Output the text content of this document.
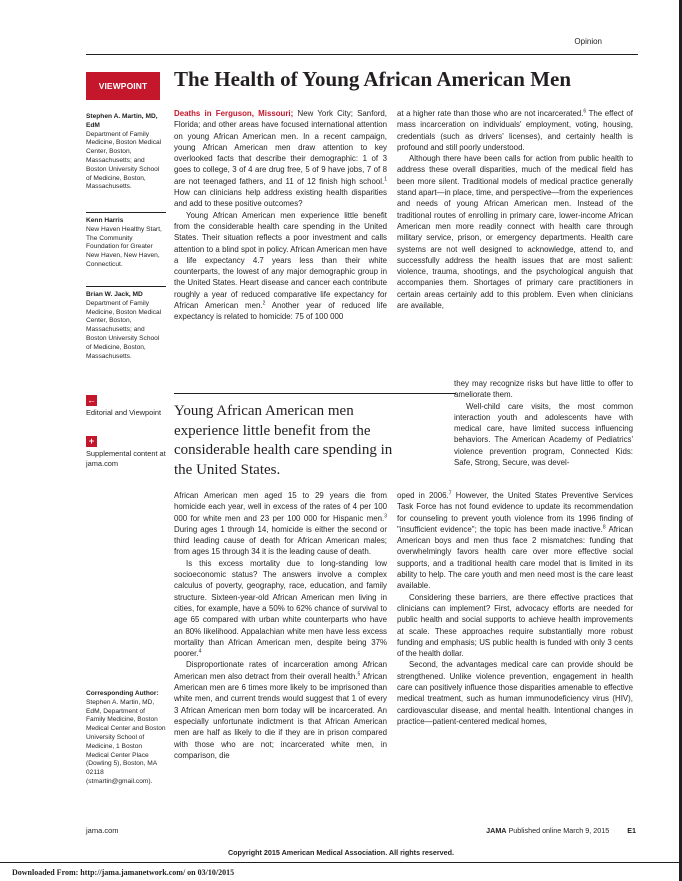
Opinion
VIEWPOINT	The Health of Young African American Men
Stephen A. Martin, MD, EdM
Department of Family Medicine, Boston Medical Center, Boston, Massachusetts; and Boston University School of Medicine, Boston, Massachusetts.
Kenn Harris
New Haven Healthy Start, The Community Foundation for Greater New Haven, New Haven, Connecticut.
Brian W. Jack, MD
Department of Family Medicine, Boston Medical Center, Boston, Massachusetts; and Boston University School of Medicine, Boston, Massachusetts.
←
Editorial and Viewpoint
+
Supplemental content at jama.com
Corresponding Author:
Stephen A. Martin, MD, EdM, Department of Family Medicine, Boston Medical Center and Boston University School of Medicine, 1 Boston Medical Center Place (Dowling 5), Boston, MA 02118 (stmartin@gmail.com).

Deaths in Ferguson, Missouri; New York City; Sanford, Florida; and other areas have focused international attention on young African American men. In a recent campaign, young African American men draw attention to key overlooked facts that describe their demographic: 1 of 3 goes to college, 3 of 4 are drug free, 5 of 9 have jobs, 7 of 8 are not teenaged fathers, and 11 of 12 finish high school.$^1$ How can clinicians help address existing health disparities and add to these positive outcomes?

Young African American men experience little benefit from the considerable health care spending in the United States. Their situation reflects a poor investment and calls attention to a blind spot in policy. African American men have a life expectancy 4.7 years less than their white counterparts, the lowest of any major demographic group in the United States. Heart disease and cancer each contribute roughly a year of reduced comparative life expectancy for African American men.$^2$ Another year of reduced life expectancy is related to homicide: 75 of 100 000

Young African American men experience little benefit from the considerable health care spending in the United States.

African American men aged 15 to 29 years die from homicide each year, well in excess of the rates of 4 per 100 000 for white men and 23 per 100 000 for Hispanic men.$^3$ During ages 1 through 14, homicide is either the second or third leading cause of death for African American males; from ages 15 through 34 it is the leading cause of death.

Is this excess mortality due to long-standing low socioeconomic status? The answers involve a complex calculus of poverty, geography, race, education, and family structure. Sixteen-year-old African American men living in cities, for example, have a 50% to 62% chance of survival to age 65 compared with urban white counterparts who have an 80% likelihood. Appalachian white men have less excess mortality than African American men, despite being 37% poorer.$^4$

Disproportionate rates of incarceration among African American men also detract from their overall health.$^5$ African American men are 6 times more likely to be imprisoned than white men, and current trends would suggest that 1 of every 3 African American men born today will be incarcerated. An especially unfortunate indictment is that African American men are half as likely to die if they are in prison compared with those who are not; incarcerated white men, in comparison, die

at a higher rate than those who are not incarcerated.$^6$ The effect of mass incarceration on individuals' employment, voting, housing, credentials (such as drivers' licenses), and certainly health is profound and still poorly understood.

Although there have been calls for action from public health to address these overall disparities, much of the medical field has been more silent. Traditional models of medical practice generally stand apart—in place, time, and perspective—from the experiences and needs of young African American men. Instead of the traditional routes of enrolling in primary care, lower-income African American men more readily connect with health care through military service, prison, or emergency departments. Health care systems are not well designed to acknowledge, attend to, and successfully address the health issues that are most salient: violence, trauma, shootings, and the psychological anguish that accompanies them. Shortages of primary care practitioners in certain areas certainly add to this problem. Even when clinicians are available,

they may recognize risks but have little to offer to ameliorate them.

Well-child care visits, the most common interaction youth and adolescents have with medical care, have limited success influencing behaviors. The American Academy of Pediatrics' violence prevention program, Connected Kids: Safe, Strong, Secure, was devel-

oped in 2006.$^7$ However, the United States Preventive Services Task Force has not found evidence to update its recommendation for counseling to prevent youth violence from its 1996 finding of "insufficient evidence"; the topic has been made inactive.$^8$ African American boys and men thus face 2 mismatches: funding that overwhelmingly favors health care over more effective social supports, and a traditional health care model that is limited in its ability to help. The care youth and men need most is the care least available.

Considering these barriers, are there effective practices that clinicians can implement? First, advocacy efforts are needed for public health and social supports to achieve health improvements at scale. These approaches require substantially more robust funding and emphasis; US public health is funded with only 3 cents of the health dollar.

Second, the advantages medical care can provide should be strengthened. Unlike violence prevention, engagement in health care can positively influence those disparities amenable to effective medical treatment, such as human immunodeficiency virus (HIV), cardiovascular disease, and mental health. Intentional changes in practice—patient-centered medical homes,

jama.com	JAMA Published online March 9, 2015	E1
Copyright 2015 American Medical Association. All rights reserved.
Downloaded From: http://jama.jamanetwork.com/ on 03/10/2015
